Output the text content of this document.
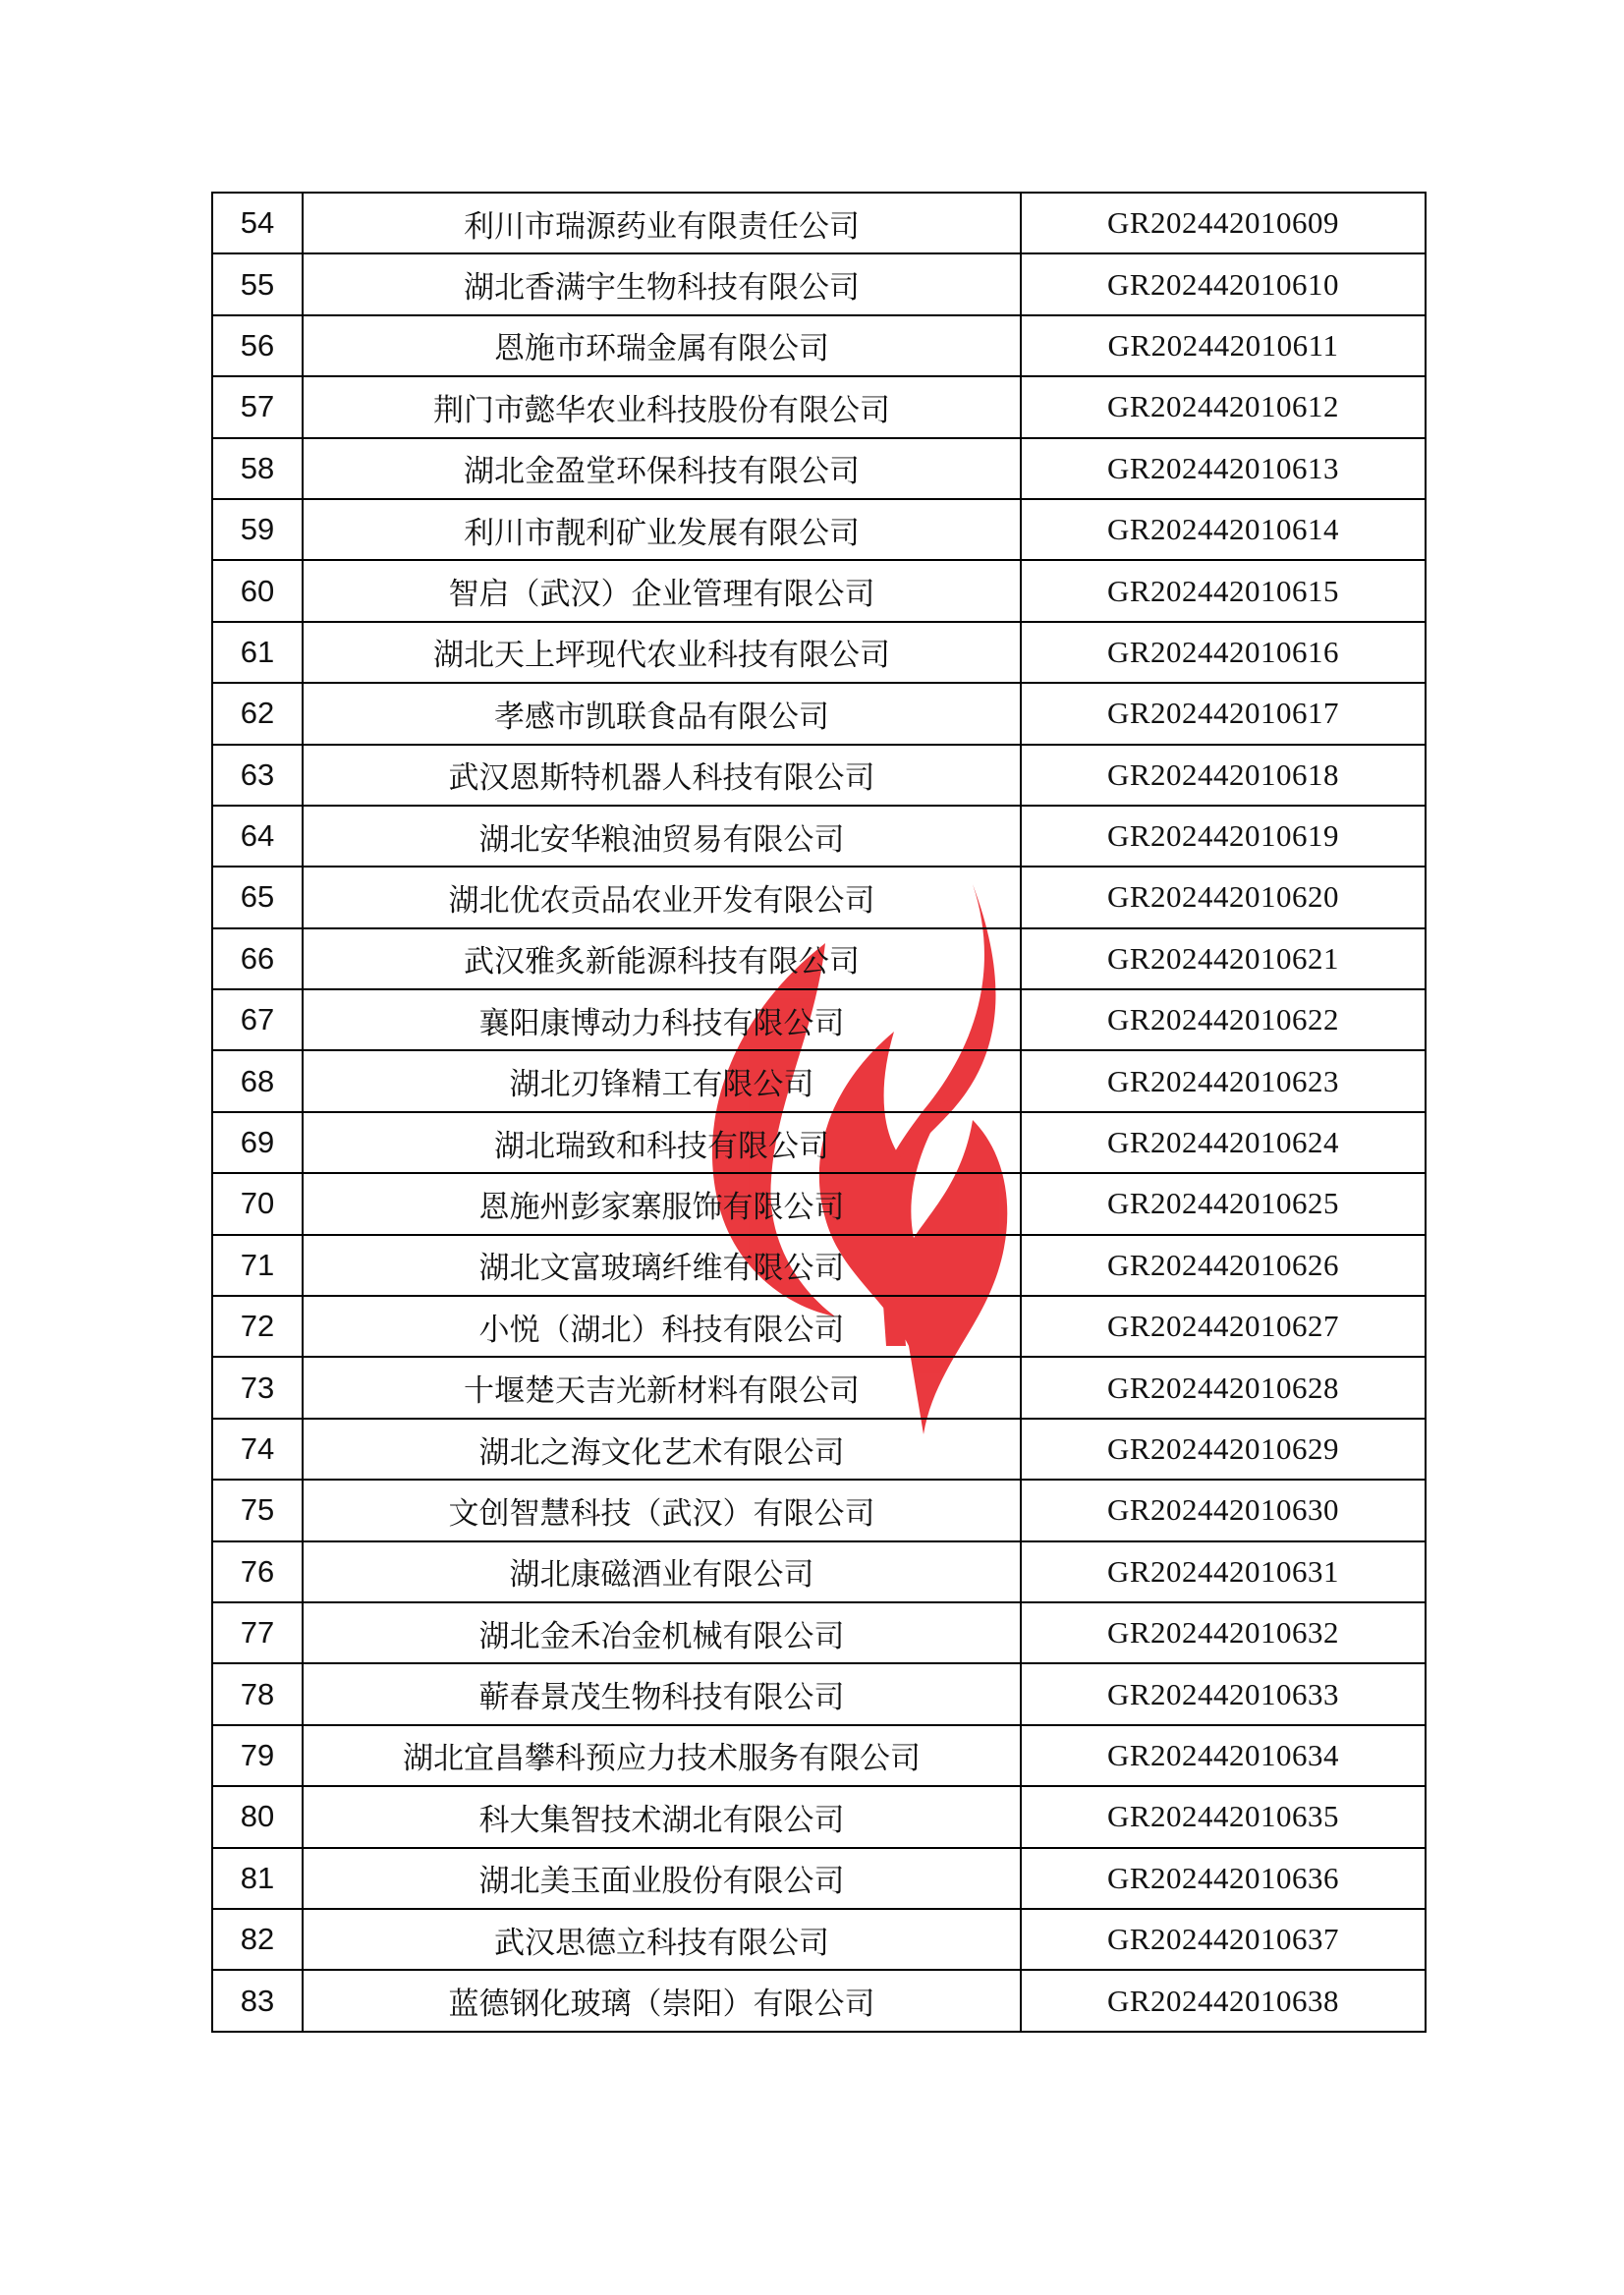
54	利川市瑞源药业有限责任公司	GR202442010609
55	湖北香满宇生物科技有限公司	GR202442010610
56	恩施市环瑞金属有限公司	GR202442010611
57	荆门市懿华农业科技股份有限公司	GR202442010612
58	湖北金盈堂环保科技有限公司	GR202442010613
59	利川市靓利矿业发展有限公司	GR202442010614
60	智启（武汉）企业管理有限公司	GR202442010615
61	湖北天上坪现代农业科技有限公司	GR202442010616
62	孝感市凯联食品有限公司	GR202442010617
63	武汉恩斯特机器人科技有限公司	GR202442010618
64	湖北安华粮油贸易有限公司	GR202442010619
65	湖北优农贡品农业开发有限公司	GR202442010620
66	武汉雅炙新能源科技有限公司	GR202442010621
67	襄阳康博动力科技有限公司	GR202442010622
68	湖北刃锋精工有限公司	GR202442010623
69	湖北瑞致和科技有限公司	GR202442010624
70	恩施州彭家寨服饰有限公司	GR202442010625
71	湖北文富玻璃纤维有限公司	GR202442010626
72	小悦（湖北）科技有限公司	GR202442010627
73	十堰楚天吉光新材料有限公司	GR202442010628
74	湖北之海文化艺术有限公司	GR202442010629
75	文创智慧科技（武汉）有限公司	GR202442010630
76	湖北康磁酒业有限公司	GR202442010631
77	湖北金禾冶金机械有限公司	GR202442010632
78	蕲春景茂生物科技有限公司	GR202442010633
79	湖北宜昌攀科预应力技术服务有限公司	GR202442010634
80	科大集智技术湖北有限公司	GR202442010635
81	湖北美玉面业股份有限公司	GR202442010636
82	武汉思德立科技有限公司	GR202442010637
83	蓝德钢化玻璃（崇阳）有限公司	GR202442010638
